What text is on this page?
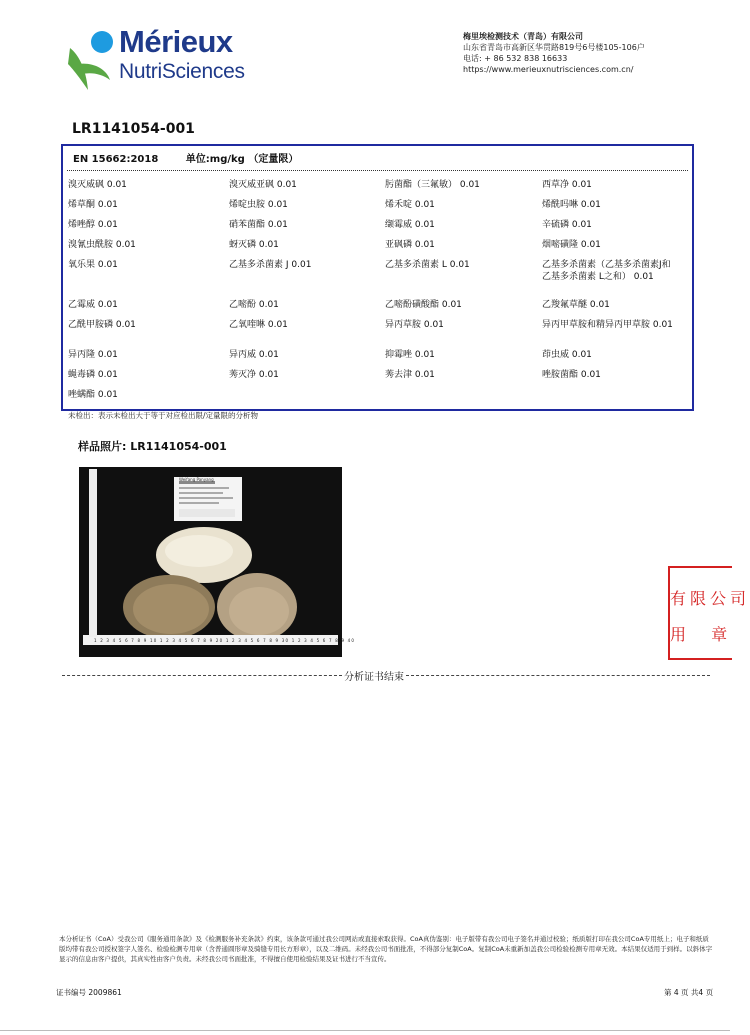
Mérieux
NutriSciences
梅里埃检测技术（青岛）有限公司
山东省青岛市高新区华贯路819号6号楼105-106户
电话: + 86 532 838 16633
https://www.merieuxnutrisciences.com.cn/
LR1141054-001
EN 15662:2018	单位:mg/kg （定量限）
溴灭威砜 0.01	溴灭威亚砜 0.01	肟菌酯（三氟敏） 0.01	西草净 0.01
烯草酮 0.01	烯啶虫胺 0.01	烯禾啶 0.01	烯酰吗啉 0.01
烯唑醇 0.01	硝苯菌酯 0.01	缬霉威 0.01	辛硫磷 0.01
溴氰虫酰胺 0.01	蚜灭磷 0.01	亚砜磷 0.01	烟嘧磺隆 0.01
氧乐果 0.01	乙基多杀菌素 J 0.01	乙基多杀菌素 L 0.01	乙基多杀菌素（乙基多杀菌素J和乙基多杀菌素 L之和） 0.01
乙霉威 0.01	乙嘧酚 0.01	乙嘧酚磺酸酯 0.01	乙羧氟草醚 0.01
乙酰甲胺磷 0.01	乙氧喹啉 0.01	异丙草胺 0.01	异丙甲草胺和精异丙甲草胺 0.01
异丙隆 0.01	异丙威 0.01	抑霉唑 0.01	茚虫威 0.01
蝇毒磷 0.01	莠灭净 0.01	莠去津 0.01	唑胺菌酯 0.01
唑螨酯 0.01
未检出：表示未检出大于等于对应检出限/定量限的分析物
样品照片: LR1141054-001
1 2 3 4 5 6 7 8 9 10 1 2 3 4 5 6 7 8 9 20 1 2 3 4 5 6 7 8 9 30 1 2 3 4 5 6 7 8 9 40
Weifang Panyang
有限公司
用 章
分析证书结束
本分析证书（CoA）受我公司《服务通用条款》及《检测服务补充条款》约束，该条款可通过我公司网站或直接索取获得。CoA真伪鉴别：电子版带有我公司电子签名并通过校验；纸质版打印在我公司CoA专用纸上；电子和纸质版均带有我公司授权签字人签名、检验检测专用章（含普通圆形章及骑缝专用长方形章），以及二维码。未经我公司书面批准，不得部分复制CoA。复制CoA未重新加盖我公司检验检测专用章无效。本结果仅适用于到样。以斜体字显示的信息由客户提供，其真实性由客户负责。未经我公司书面批准，不得擅自使用检验结果及证书进行不当宣传。
证书编号 2009861	第 4 页 共4 页
